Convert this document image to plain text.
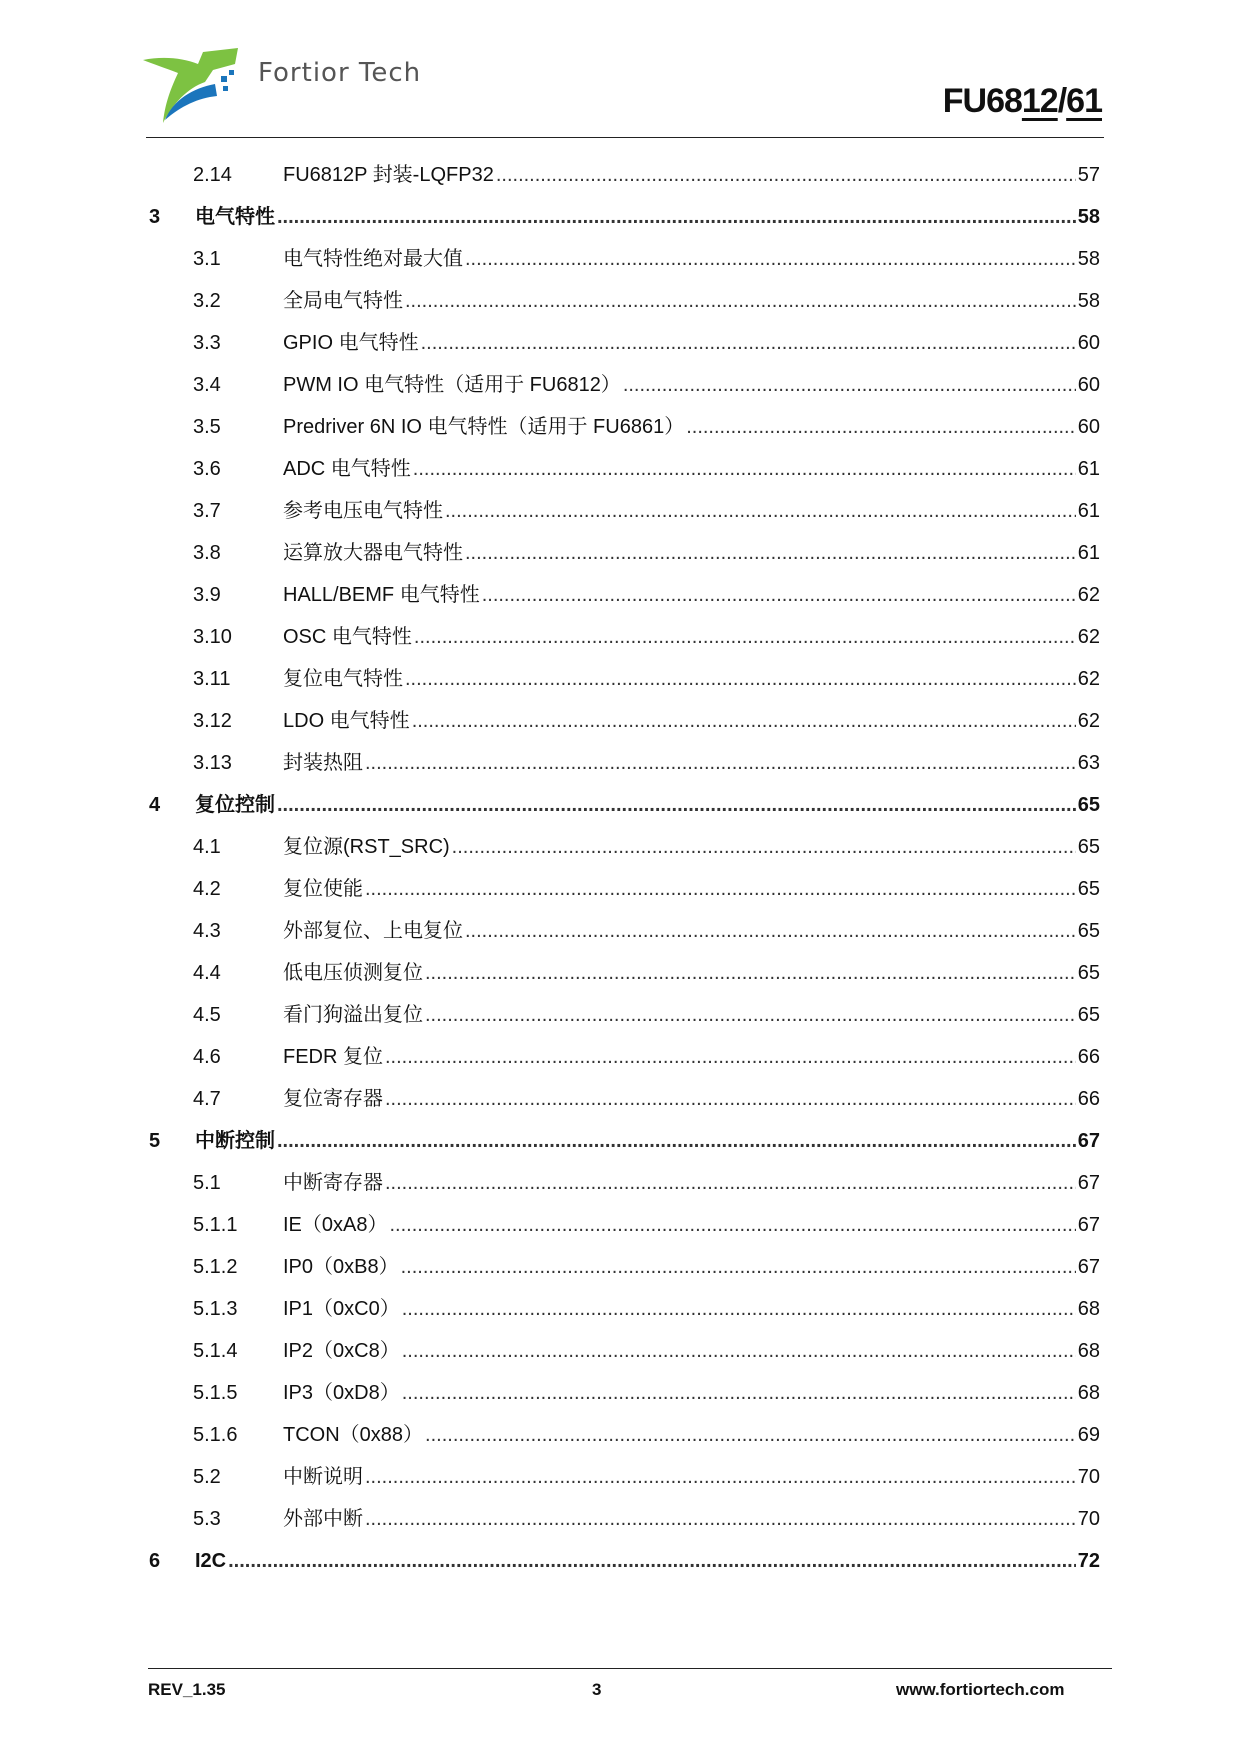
Fortior Tech
FU6812/61
2.14	FU6812P 封装-LQFP32 .....	57
3 电气特性 .....	58
3.1	电气特性绝对最大值 .....	58
3.2	全局电气特性 .....	58
3.3	GPIO 电气特性 .....	60
3.4	PWM IO 电气特性（适用于 FU6812） .....	60
3.5	Predriver 6N IO 电气特性（适用于 FU6861） .....	60
3.6	ADC 电气特性 .....	61
3.7	参考电压电气特性 .....	61
3.8	运算放大器电气特性 .....	61
3.9	HALL/BEMF 电气特性 .....	62
3.10	OSC 电气特性 .....	62
3.11	复位电气特性 .....	62
3.12	LDO 电气特性 .....	62
3.13	封装热阻 .....	63
4 复位控制 .....	65
4.1	复位源(RST_SRC) .....	65
4.2	复位使能 .....	65
4.3	外部复位、上电复位 .....	65
4.4	低电压侦测复位 .....	65
4.5	看门狗溢出复位 .....	65
4.6	FEDR 复位 .....	66
4.7	复位寄存器 .....	66
5 中断控制 .....	67
5.1	中断寄存器 .....	67
5.1.1 IE（0xA8） .....	67
5.1.2 IP0（0xB8） .....	67
5.1.3 IP1（0xC0） .....	68
5.1.4 IP2（0xC8） .....	68
5.1.5 IP3（0xD8） .....	68
5.1.6 TCON（0x88） .....	69
5.2	中断说明 .....	70
5.3	外部中断 .....	70
6 I2C .....	72
REV_1.35	3	www.fortiortech.com
